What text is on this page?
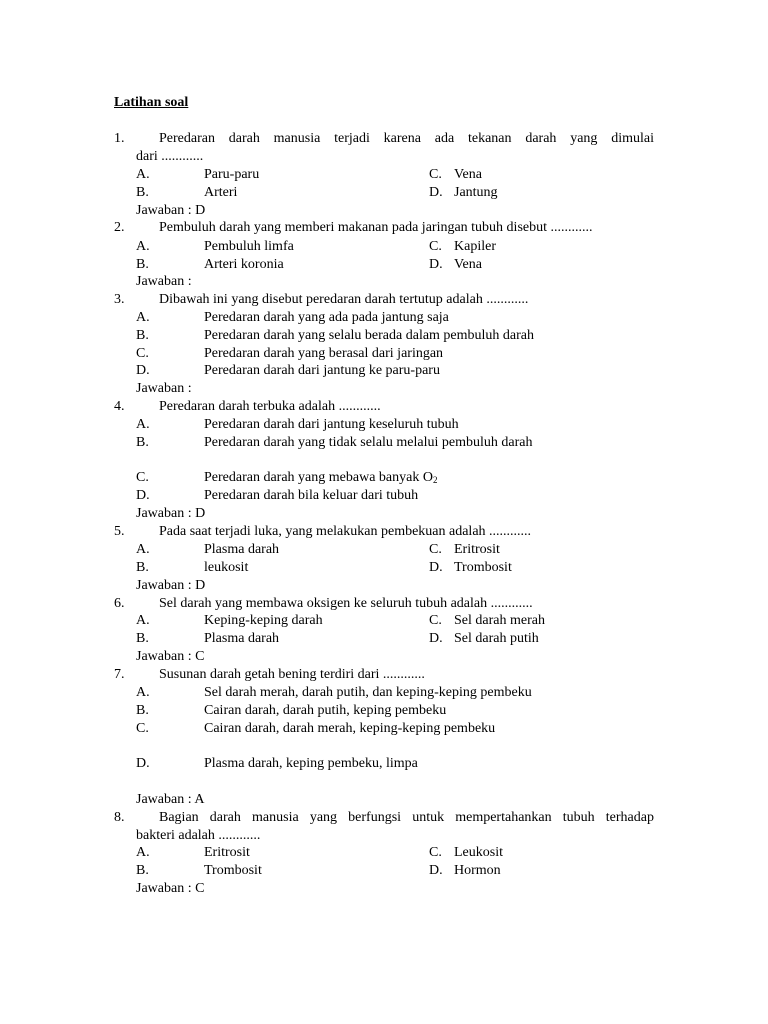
Latihan soal
1. Peredaran darah manusia terjadi karena ada tekanan darah yang dimulai
dari ............
A.	Paru-paru	C. Vena
B.	Arteri	D. Jantung
Jawaban : D
2. Pembuluh darah yang memberi makanan pada jaringan tubuh disebut ............
A.	Pembuluh limfa	C. Kapiler
B.	Arteri koronia	D. Vena
Jawaban :
3. Dibawah ini yang disebut peredaran darah tertutup adalah ............
A.	Peredaran darah yang ada pada jantung saja
B.	Peredaran darah yang selalu berada dalam pembuluh darah
C.	Peredaran darah yang berasal dari jaringan
D.	Peredaran darah dari jantung ke paru-paru
Jawaban :
4. Peredaran darah terbuka adalah ............
A.	Peredaran darah dari jantung keseluruh tubuh
B.	Peredaran darah yang tidak selalu melalui pembuluh darah
C.	Peredaran darah yang mebawa banyak $O_2$
D.	Peredaran darah bila keluar dari tubuh
Jawaban : D
5. Pada saat terjadi luka, yang melakukan pembekuan adalah ............
A.	Plasma darah	C. Eritrosit
B.	leukosit	D. Trombosit
Jawaban : D
6. Sel darah yang membawa oksigen ke seluruh tubuh adalah ............
A.	Keping-keping darah	C. Sel darah merah
B.	Plasma darah	D. Sel darah putih
Jawaban : C
7. Susunan darah getah bening terdiri dari ............
A.	Sel darah merah, darah putih, dan keping-keping pembeku
B.	Cairan darah, darah putih, keping pembeku
C.	Cairan darah, darah merah, keping-keping pembeku
D.	Plasma darah, keping pembeku, limpa
Jawaban : A
8. Bagian darah manusia yang berfungsi untuk mempertahankan tubuh terhadap
bakteri adalah ............
A.	Eritrosit	C. Leukosit
B.	Trombosit	D. Hormon
Jawaban : C
